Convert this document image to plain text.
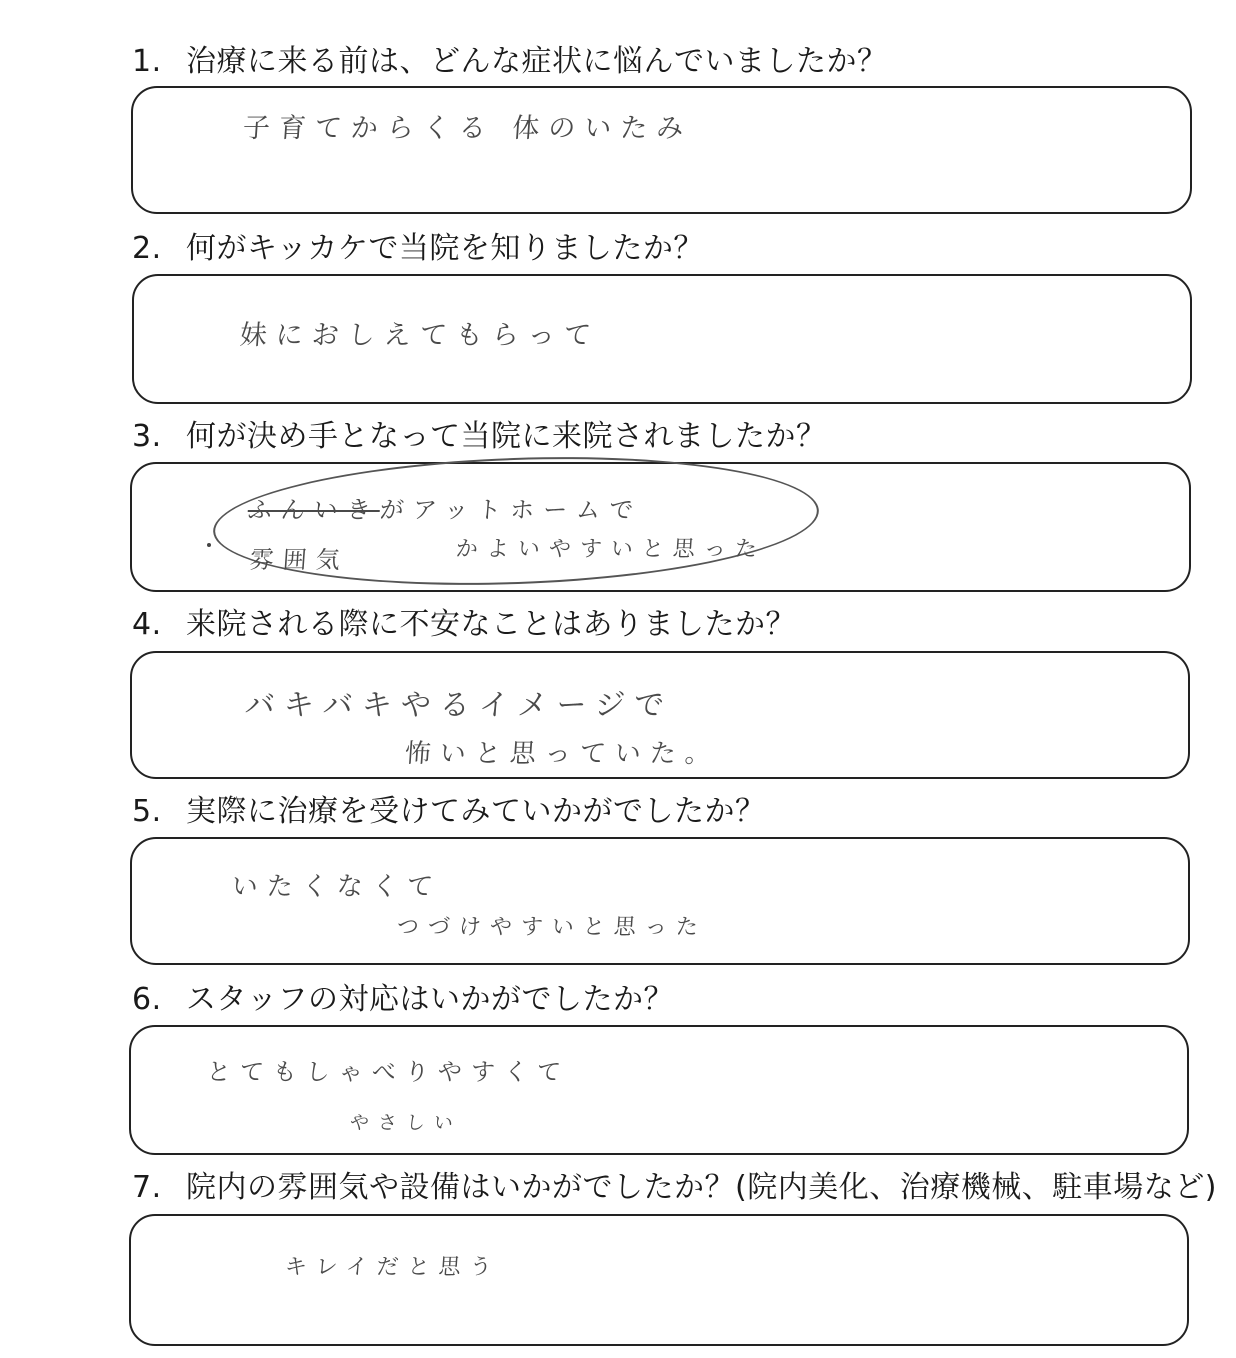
1. 治療に来る前は、どんな症状に悩んでいましたか？
子育てからくる 体のいたみ
2. 何がキッカケで当院を知りましたか？
妹におしえてもらって
3. 何が決め手となって当院に来院されましたか？
ふんいきがアットホームで
雰囲気	かよいやすいと思った
4. 来院される際に不安なことはありましたか？
バキバキやるイメージで
怖いと思っていた。
5. 実際に治療を受けてみていかがでしたか？
いたくなくて
つづけやすいと思った
6. スタッフの対応はいかがでしたか？
とてもしゃべりやすくて
やさしい
7. 院内の雰囲気や設備はいかがでしたか？(院内美化、治療機械、駐車場など)
キレイだと思う
